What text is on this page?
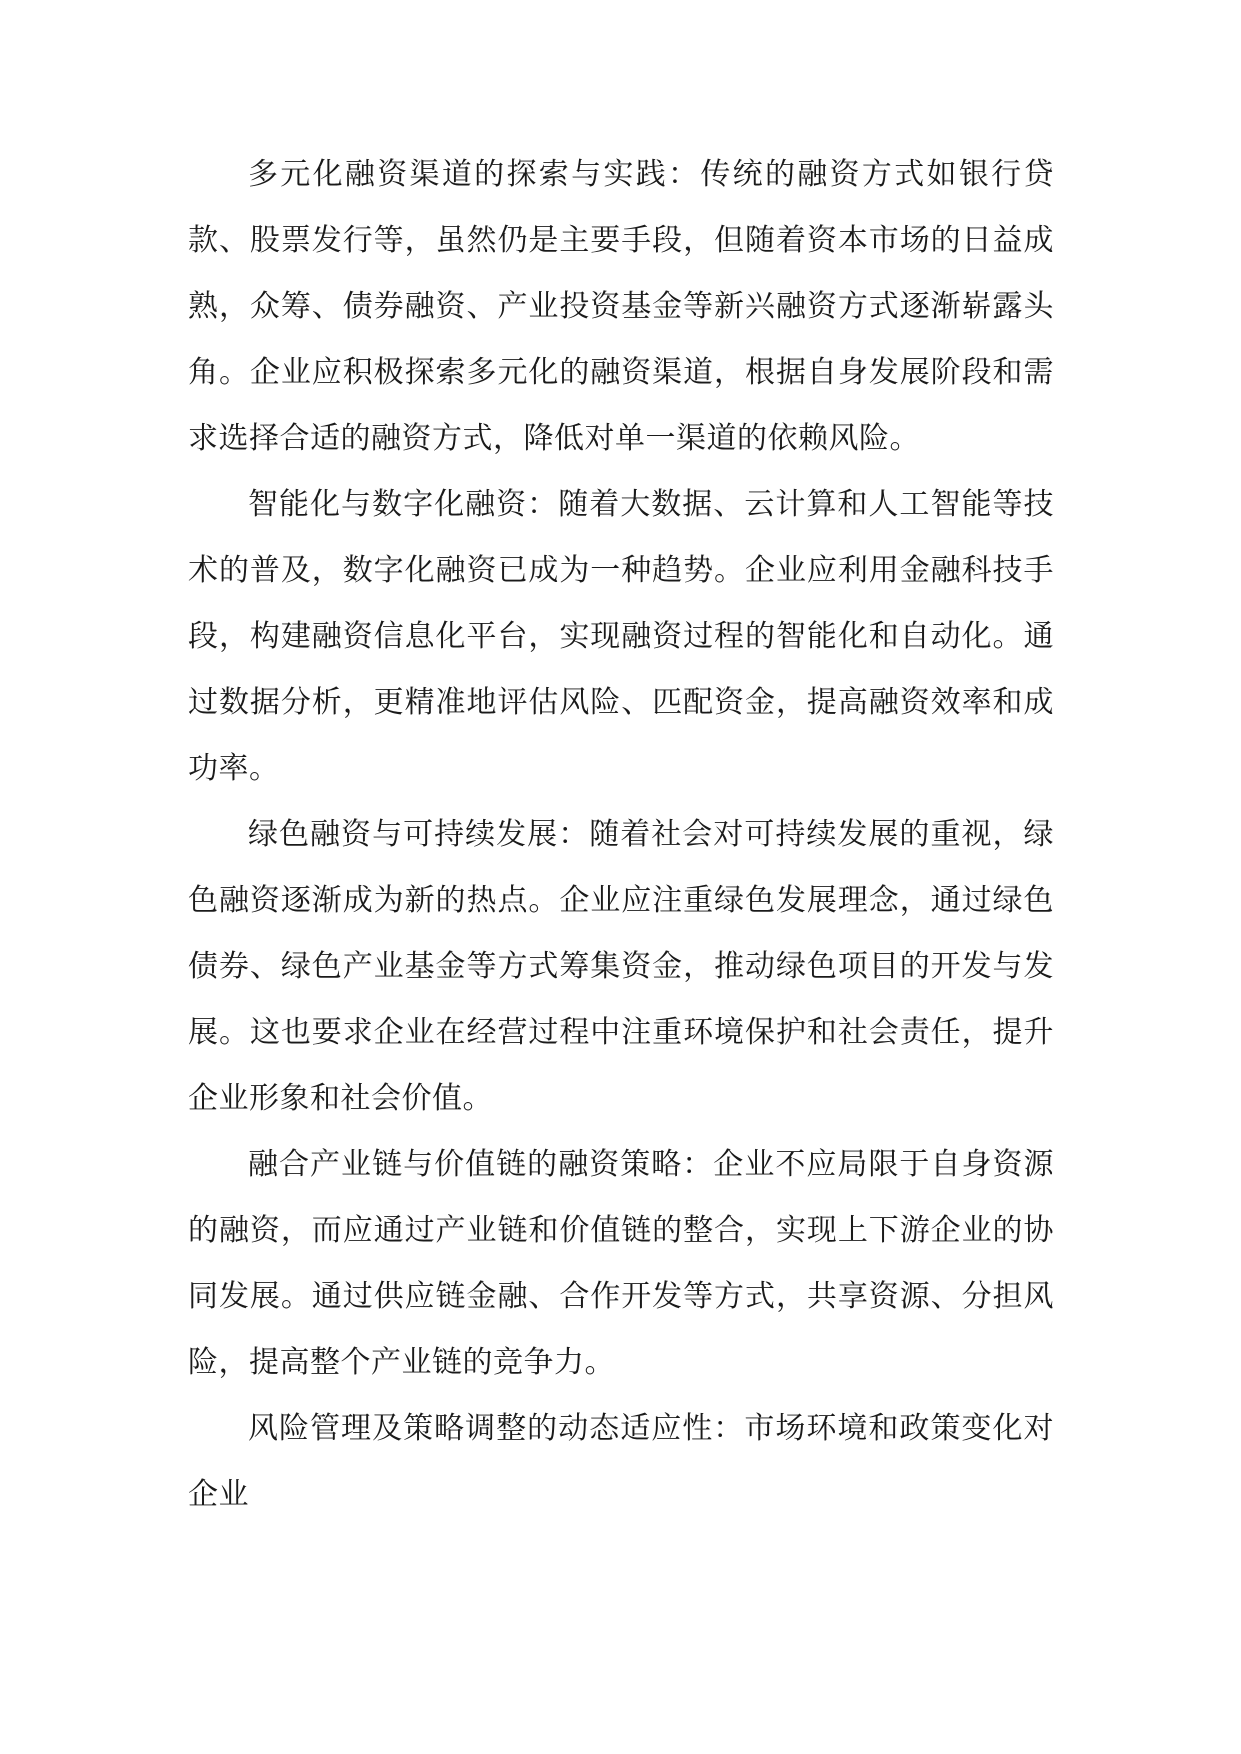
多元化融资渠道的探索与实践：传统的融资方式如银行贷款、股票发行等，虽然仍是主要手段，但随着资本市场的日益成熟，众筹、债券融资、产业投资基金等新兴融资方式逐渐崭露头角。企业应积极探索多元化的融资渠道，根据自身发展阶段和需求选择合适的融资方式，降低对单一渠道的依赖风险。

智能化与数字化融资：随着大数据、云计算和人工智能等技术的普及，数字化融资已成为一种趋势。企业应利用金融科技手段，构建融资信息化平台，实现融资过程的智能化和自动化。通过数据分析，更精准地评估风险、匹配资金，提高融资效率和成功率。

绿色融资与可持续发展：随着社会对可持续发展的重视，绿色融资逐渐成为新的热点。企业应注重绿色发展理念，通过绿色债券、绿色产业基金等方式筹集资金，推动绿色项目的开发与发展。这也要求企业在经营过程中注重环境保护和社会责任，提升企业形象和社会价值。

融合产业链与价值链的融资策略：企业不应局限于自身资源的融资，而应通过产业链和价值链的整合，实现上下游企业的协同发展。通过供应链金融、合作开发等方式，共享资源、分担风险，提高整个产业链的竞争力。

风险管理及策略调整的动态适应性：市场环境和政策变化对企业
